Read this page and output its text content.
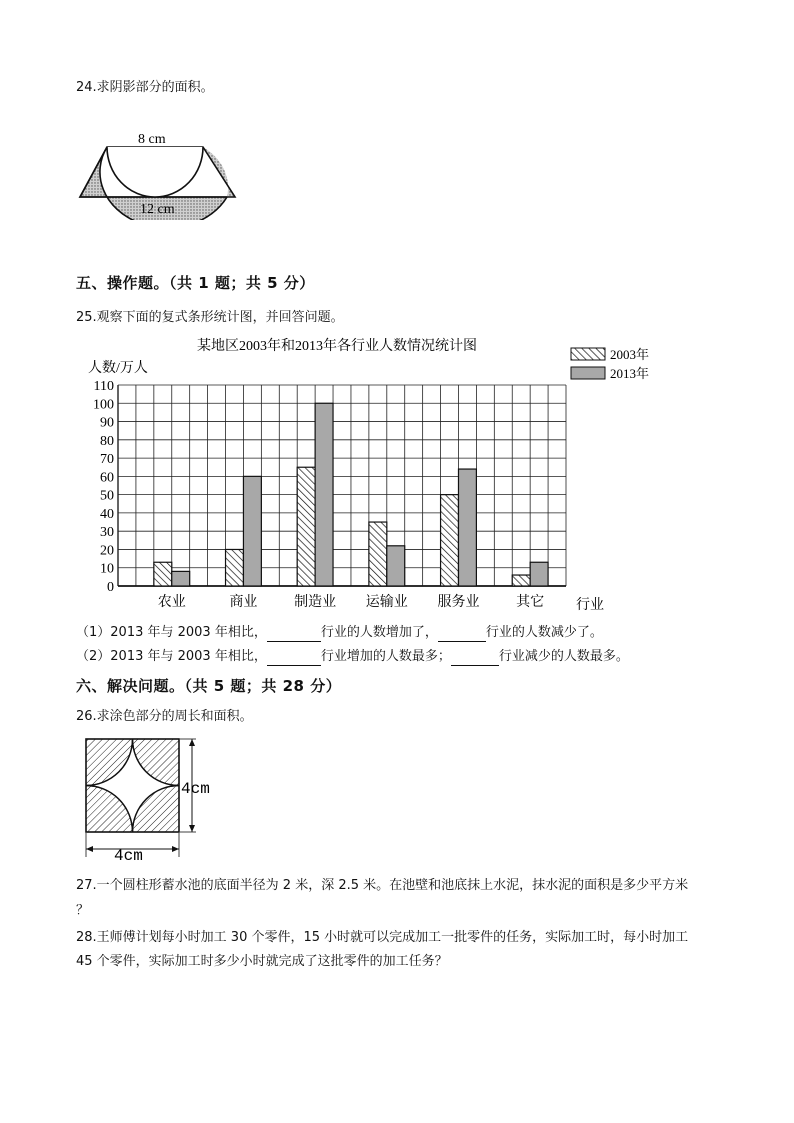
24.求阴影部分的面积。
8 cm
12 cm
五、操作题。（共 1 题；共 5 分）
25.观察下面的复式条形统计图，并回答问题。
某地区2003年和2013年各行业人数情况统计图
人数/万人
行业
0
10
20
30
40
50
60
70
80
90
100
110
农业	商业	制造业 运输业 服务业	其它
2003年
2013年
（1）2013 年与 2003 年相比，	行业的人数增加了，	行业的人数减少了。
（2）2013 年与 2003 年相比，	行业增加的人数最多；	行业减少的人数最多。
六、解决问题。（共 5 题；共 28 分）
26.求涂色部分的周长和面积。
4cm
4cm
27.一个圆柱形蓄水池的底面半径为 2 米，深 2.5 米。在池壁和池底抹上水泥，抹水泥的面积是多少平方米
？
28.王师傅计划每小时加工 30 个零件，15 小时就可以完成加工一批零件的任务，实际加工时，每小时加工
45 个零件，实际加工时多少小时就完成了这批零件的加工任务？
